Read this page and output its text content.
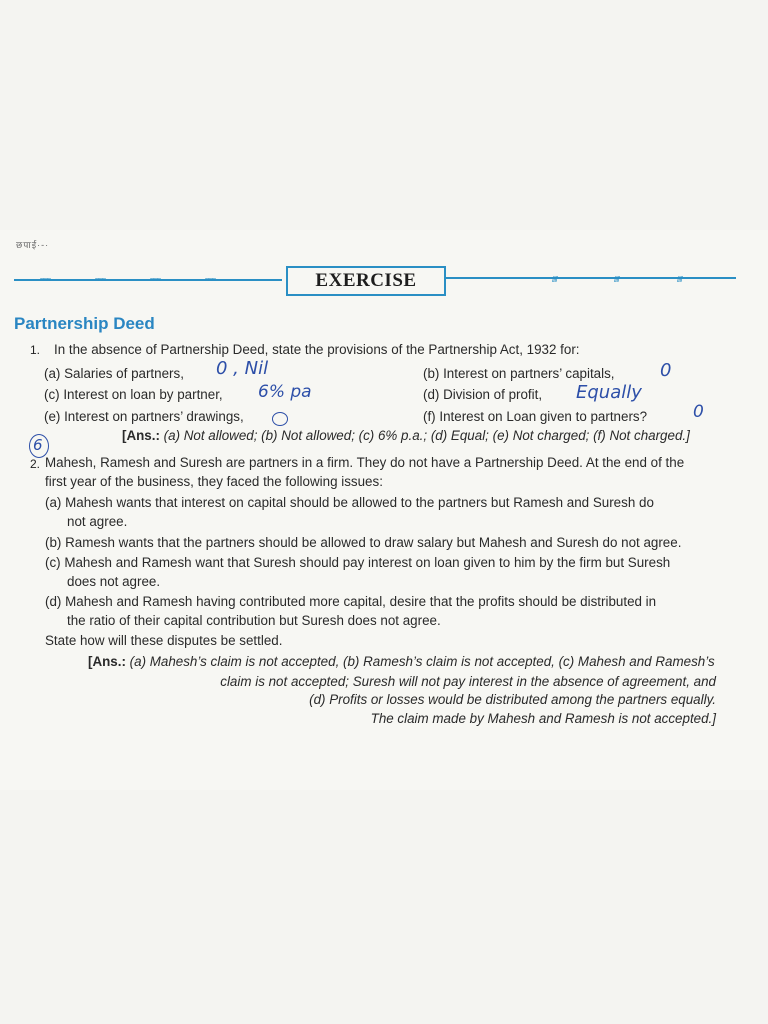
छपाई·-·
≈≈≈	≈≈≈	≈≈≈	≈≈≈	////	////	////
EXERCISE
Partnership Deed
1. In the absence of Partnership Deed, state the provisions of the Partnership Act, 1932 for:
(a) Salaries of partners,	(b) Interest on partners’ capitals,
(c) Interest on loan by partner,	(d) Division of profit,
(e) Interest on partners’ drawings,	(f) Interest on Loan given to partners?
0 , Nil	0
6% pa	Equally
0
[Ans.: (a) Not allowed; (b) Not allowed; (c) 6% p.a.; (d) Equal; (e) Not charged; (f) Not charged.]
6
2. Mahesh, Ramesh and Suresh are partners in a firm. They do not have a Partnership Deed. At the end of the
first year of the business, they faced the following issues:
(a) Mahesh wants that interest on capital should be allowed to the partners but Ramesh and Suresh do
not agree.
(b) Ramesh wants that the partners should be allowed to draw salary but Mahesh and Suresh do not agree.
(c) Mahesh and Ramesh want that Suresh should pay interest on loan given to him by the firm but Suresh
does not agree.
(d) Mahesh and Ramesh having contributed more capital, desire that the profits should be distributed in
the ratio of their capital contribution but Suresh does not agree.
State how will these disputes be settled.
[Ans.: (a) Mahesh’s claim is not accepted, (b) Ramesh’s claim is not accepted, (c) Mahesh and Ramesh’s
claim is not accepted; Suresh will not pay interest in the absence of agreement, and
(d) Profits or losses would be distributed among the partners equally.
The claim made by Mahesh and Ramesh is not accepted.]
